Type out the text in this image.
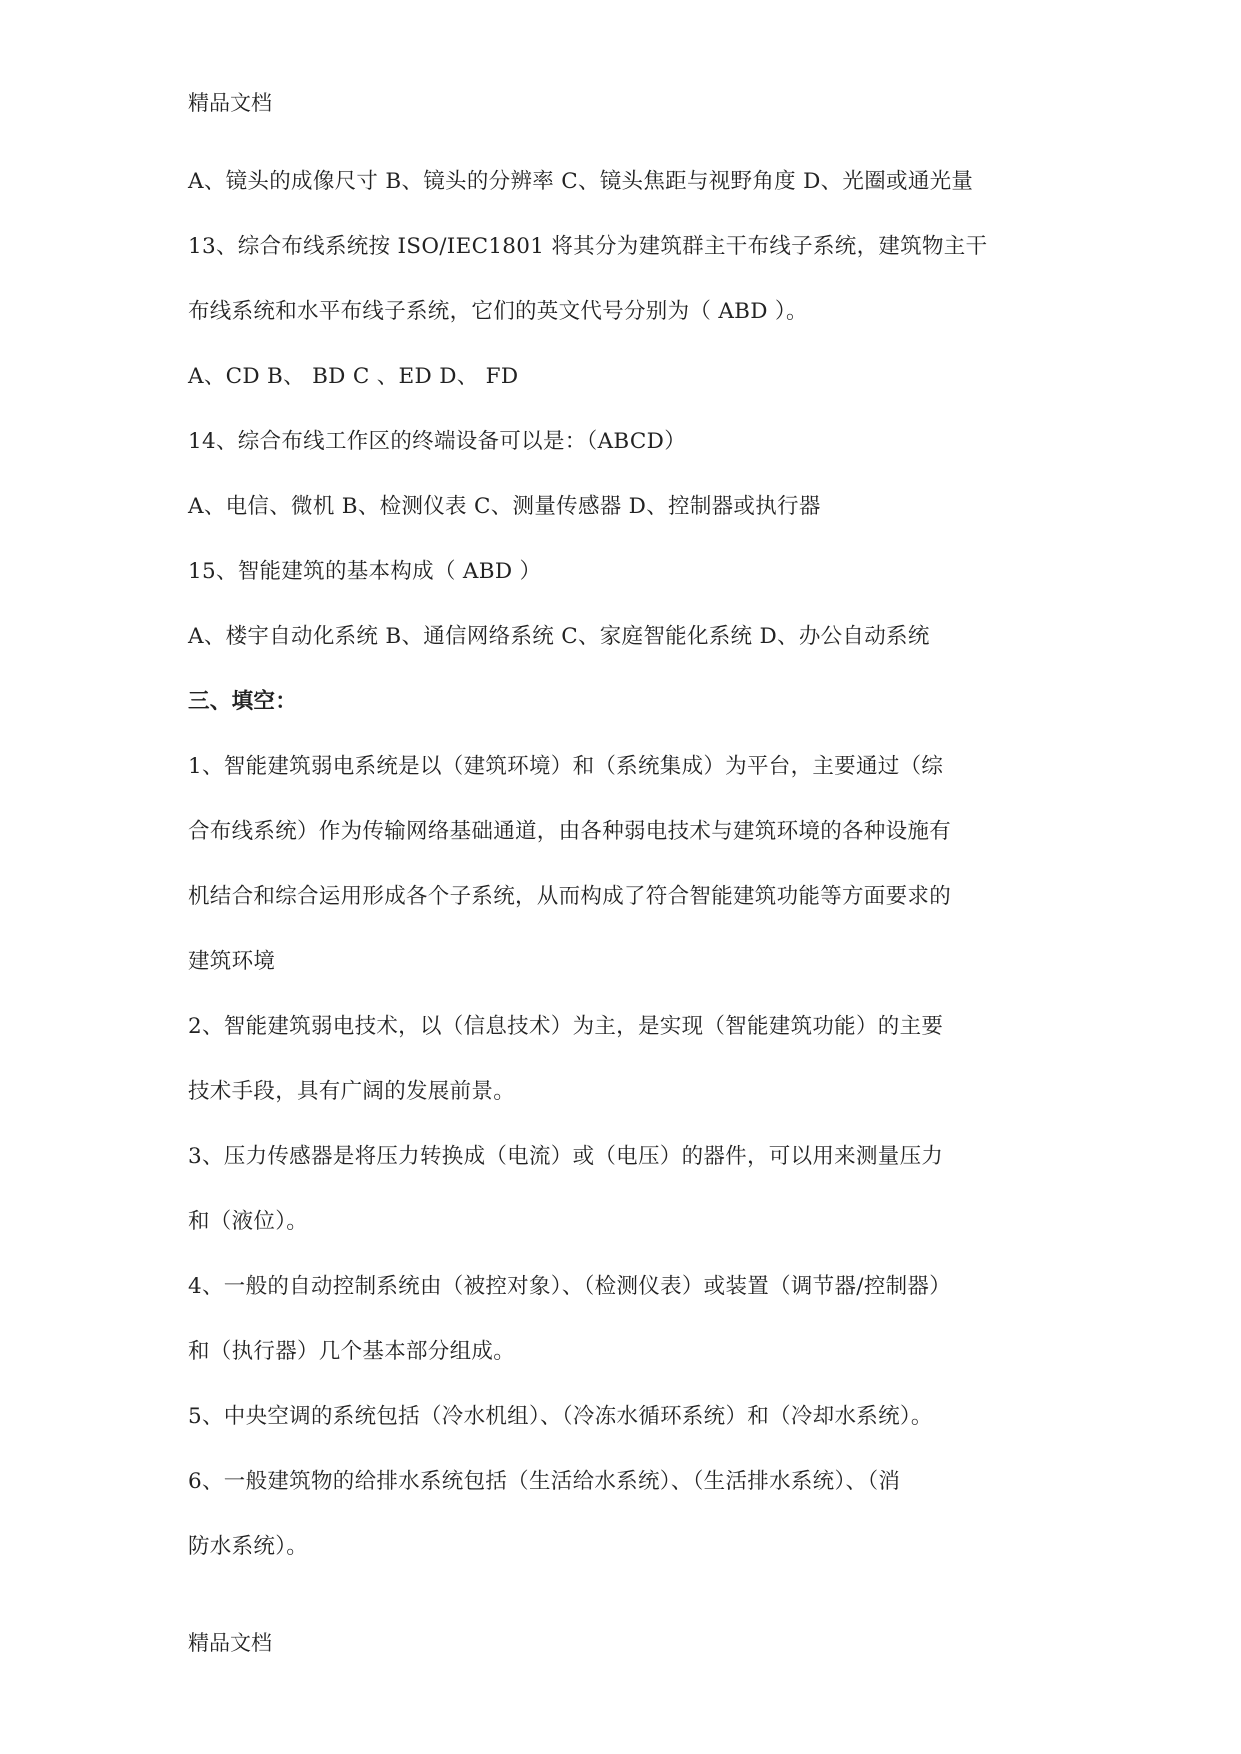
精品文档
A、镜头的成像尺寸 B、镜头的分辨率 C、镜头焦距与视野角度 D、光圈或通光量
13、综合布线系统按 ISO/IEC1801 将其分为建筑群主干布线子系统，建筑物主干
布线系统和水平布线子系统，它们的英文代号分别为（ ABD ）。
A、CD B、 BD C 、ED D、 FD
14、综合布线工作区的终端设备可以是：（ABCD）
A、电信、微机 B、检测仪表 C、测量传感器 D、控制器或执行器
15、智能建筑的基本构成（ ABD ）
A、楼宇自动化系统 B、通信网络系统 C、家庭智能化系统 D、办公自动系统
三、填空：
1、智能建筑弱电系统是以（建筑环境）和（系统集成）为平台，主要通过（综
合布线系统）作为传输网络基础通道，由各种弱电技术与建筑环境的各种设施有
机结合和综合运用形成各个子系统，从而构成了符合智能建筑功能等方面要求的
建筑环境
2、智能建筑弱电技术，以（信息技术）为主，是实现（智能建筑功能）的主要
技术手段，具有广阔的发展前景。
3、压力传感器是将压力转换成（电流）或（电压）的器件，可以用来测量压力
和（液位）。
4、一般的自动控制系统由（被控对象）、（检测仪表）或装置（调节器/控制器）
和（执行器）几个基本部分组成。
5、中央空调的系统包括（冷水机组）、（冷冻水循环系统）和（冷却水系统）。
6、一般建筑物的给排水系统包括（生活给水系统）、（生活排水系统）、（消
防水系统）。
精品文档
